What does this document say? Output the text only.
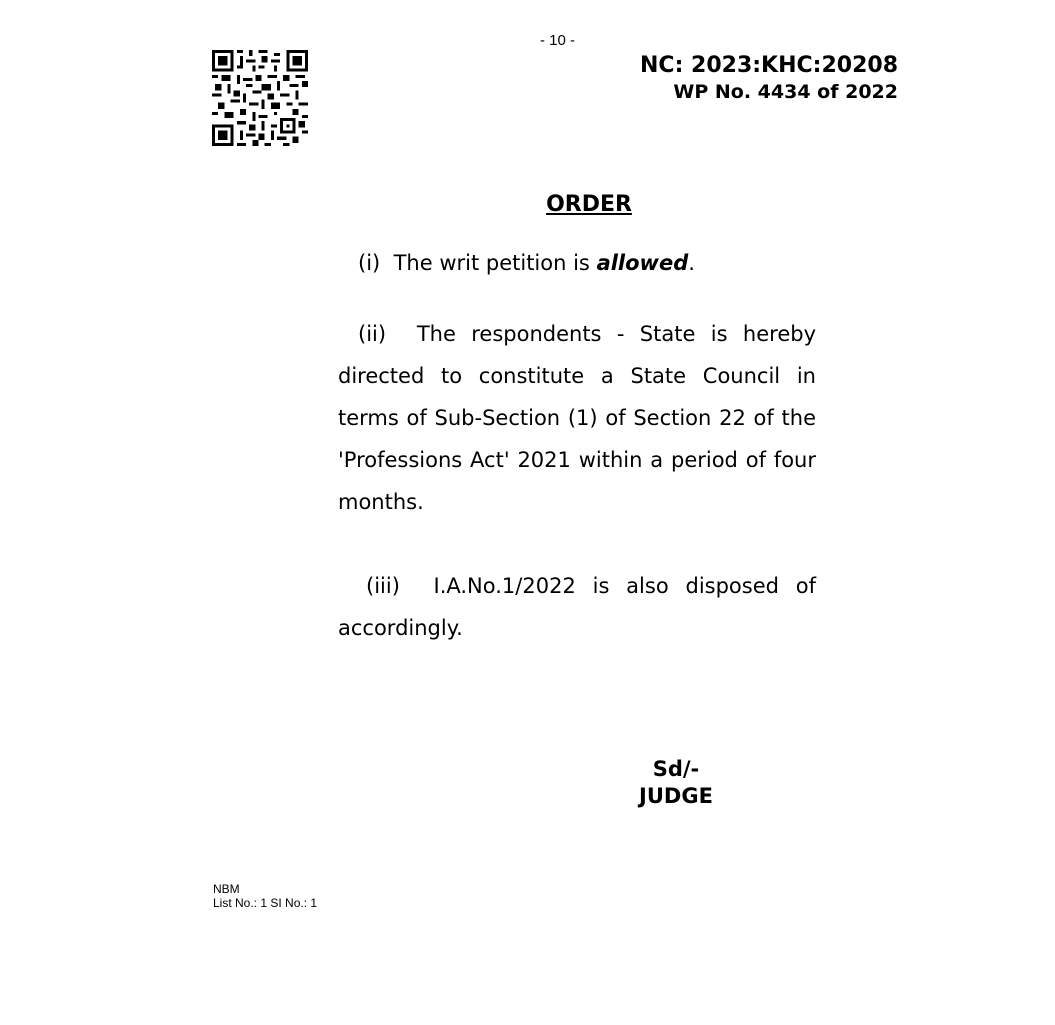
- 10 -
NC: 2023:KHC:20208
WP No. 4434 of 2022
ORDER
(i) The writ petition is allowed.
(ii) The respondents - State is hereby directed to constitute a State Council in terms of Sub-Section (1) of Section 22 of the 'Professions Act' 2021 within a period of four months.
(iii) I.A.No.1/2022 is also disposed of accordingly.
Sd/-
JUDGE
NBM
List No.: 1 SI No.: 1
